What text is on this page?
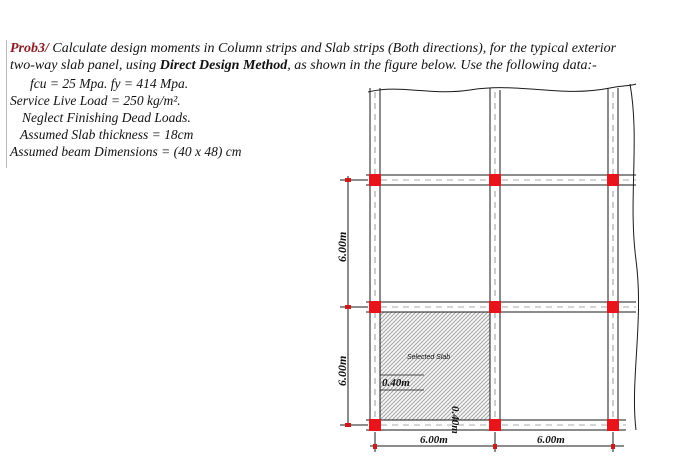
Prob3/ Calculate design moments in Column strips and Slab strips (Both directions), for the typical exterior
two-way slab panel, using Direct Design Method, as shown in the figure below. Use the following data:-
fcu = 25 Mpa. fy = 414 Mpa.
Service Live Load = 250 kg/m².
Neglect Finishing Dead Loads.
Assumed Slab thickness = 18cm
Assumed beam Dimensions = (40 x 48) cm
Selected Slab
0.40m
0.40m
6.00m
6.00m
6.00m	6.00m
